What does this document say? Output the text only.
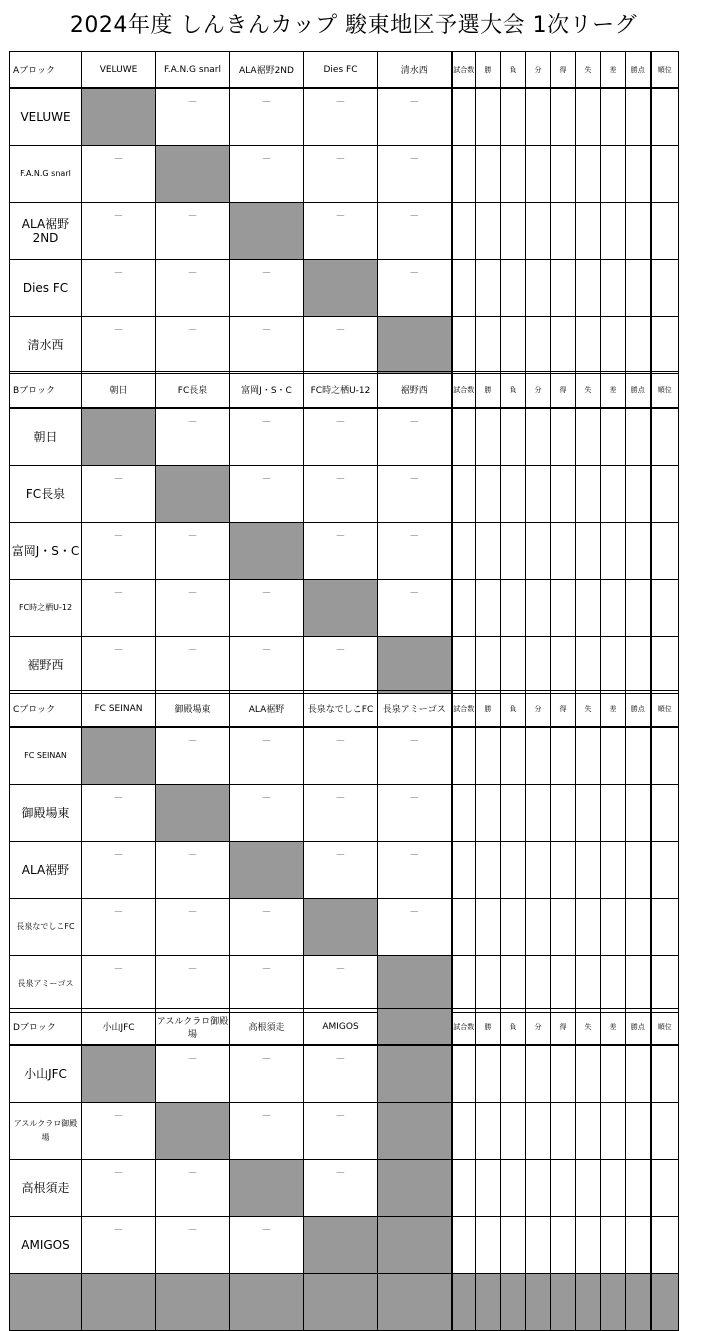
2024年度 しんきんカップ 駿東地区予選大会 1次リーグ
Aブロック	VELUWE	F.A.N.G snarl	ALA裾野2ND	Dies FC	清水西	試合数	勝	負	分	得	失	差	勝点	順位
VELUWE		－	－	－	－									
F.A.N.G snarl	－		－	－	－									
ALA裾野2ND	－	－		－	－									
Dies FC	－	－	－		－									
清水西	－	－	－	－										
Bブロック	朝日	FC長泉	富岡J・S・C	FC時之栖U-12	裾野西	試合数	勝	負	分	得	失	差	勝点	順位
朝日		－	－	－	－									
FC長泉	－		－	－	－									
富岡J・S・C	－	－		－	－									
FC時之栖U-12	－	－	－		－									
裾野西	－	－	－	－										
Cブロック	FC SEINAN	御殿場東	ALA裾野	長泉なでしこFC	長泉アミーゴス	試合数	勝	負	分	得	失	差	勝点	順位
FC SEINAN		－	－	－	－									
御殿場東	－		－	－	－									
ALA裾野	－	－		－	－									
長泉なでしこFC	－	－	－		－									
長泉アミーゴス	－	－	－	－										
Dブロック	小山JFC	アスルクラロ御殿場	高根須走	AMIGOS		試合数	勝	負	分	得	失	差	勝点	順位
小山JFC		－	－	－										
アスルクラロ御殿場	－		－	－										
高根須走	－	－		－										
AMIGOS	－	－	－											
